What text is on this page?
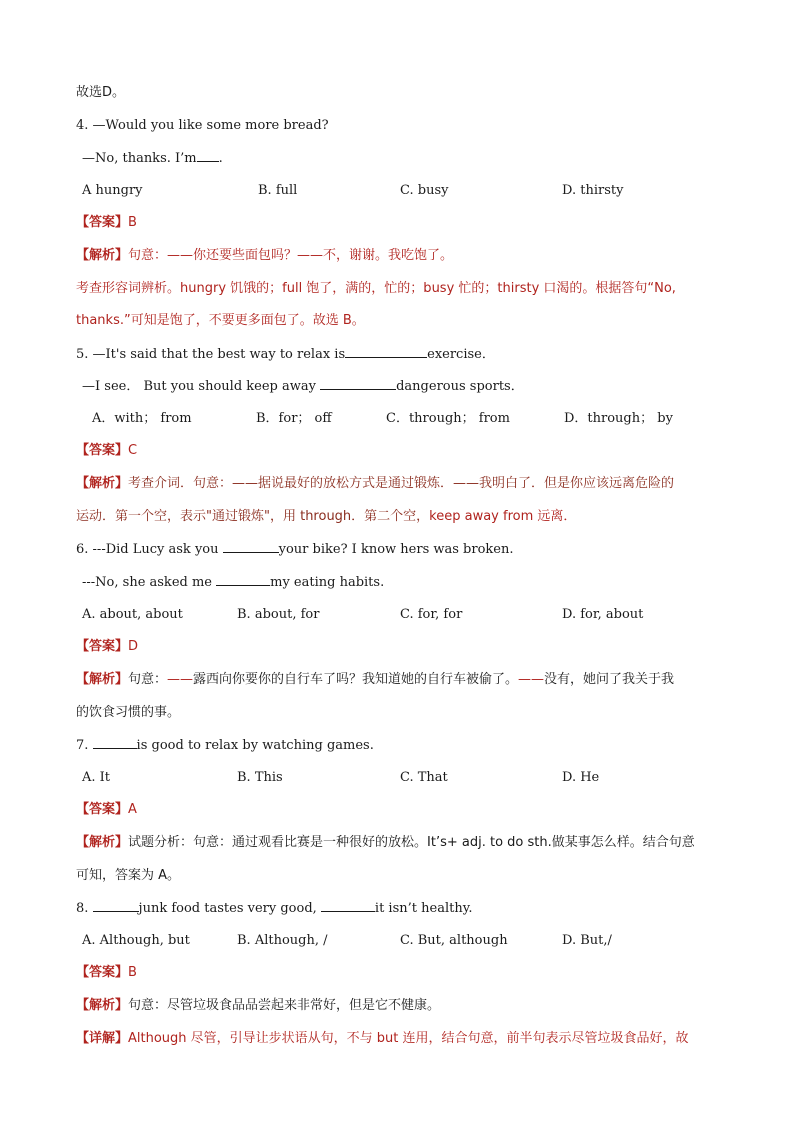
故选D。
4. —Would you like some more bread?
—No, thanks. I’m .
A hungry	B. full	C. busy	D. thirsty
【答案】B
【解析】句意：——你还要些面包吗？——不，谢谢。我吃饱了。
考查形容词辨析。hungry 饥饿的；full 饱了，满的，忙的；busy 忙的；thirsty 口渴的。根据答句“No,
thanks.”可知是饱了，不要更多面包了。故选 B。
5. —It's said that the best way to relax is	exercise．
—I see． But you should keep away	dangerous sports．
A．with； from	B．for； off	C．through； from	D．through； by
【答案】C
【解析】考查介词．句意：——据说最好的放松方式是通过锻炼．——我明白了．但是你应该远离危险的
运动．第一个空，表示"通过锻炼"，用 through．第二个空，keep away from 远离．
6. ---Did Lucy ask you	your bike? I know hers was broken.
---No, she asked me	my eating habits.
A. about, about	B. about, for	C. for, for	D. for, about
【答案】D
【解析】句意：——露西向你要你的自行车了吗？我知道她的自行车被偷了。——没有，她问了我关于我
的饮食习惯的事。
7.	is good to relax by watching games.
A. It	B. This	C. That	D. He
【答案】A
【解析】试题分析：句意：通过观看比赛是一种很好的放松。It’s+ adj. to do sth.做某事怎么样。结合句意
可知，答案为 A。
8.	junk food tastes very good,	it isn’t healthy.
A. Although, but	B. Although, /	C. But, although	D. But,/
【答案】B
【解析】句意：尽管垃圾食品品尝起来非常好，但是它不健康。
【详解】Although 尽管，引导让步状语从句，不与 but 连用，结合句意，前半句表示尽管垃圾食品好，故
